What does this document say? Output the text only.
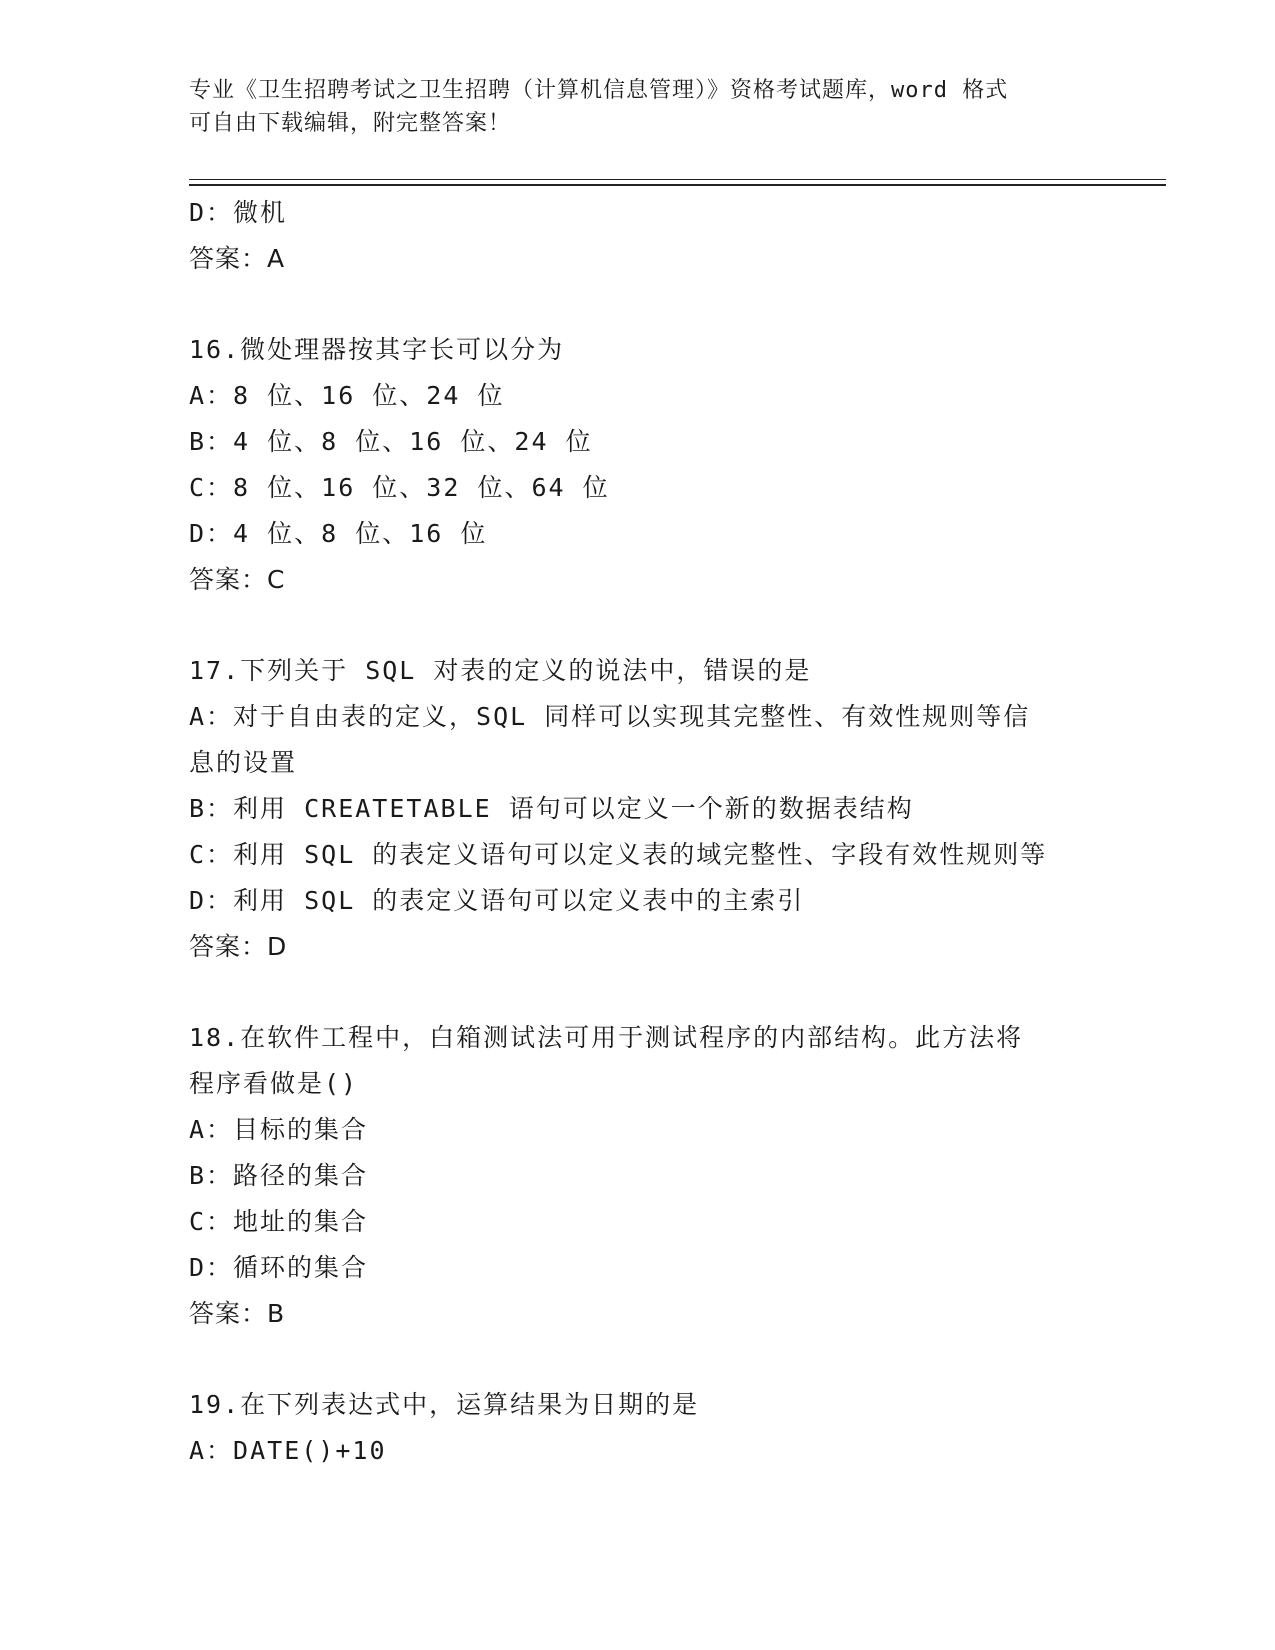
专业《卫生招聘考试之卫生招聘（计算机信息管理）》资格考试题库，word 格式
可自由下载编辑，附完整答案！
D：微机
答案：A
16.微处理器按其字长可以分为
A：8 位、16 位、24 位
B：4 位、8 位、16 位、24 位
C：8 位、16 位、32 位、64 位
D：4 位、8 位、16 位
答案：C
17.下列关于 SQL 对表的定义的说法中，错误的是
A：对于自由表的定义，SQL 同样可以实现其完整性、有效性规则等信息的设置
B：利用 CREATETABLE 语句可以定义一个新的数据表结构
C：利用 SQL 的表定义语句可以定义表的域完整性、字段有效性规则等
D：利用 SQL 的表定义语句可以定义表中的主索引
答案：D
18.在软件工程中，白箱测试法可用于测试程序的内部结构。此方法将程序看做是()
A：目标的集合
B：路径的集合
C：地址的集合
D：循环的集合
答案：B
19.在下列表达式中，运算结果为日期的是
A：DATE()+10
